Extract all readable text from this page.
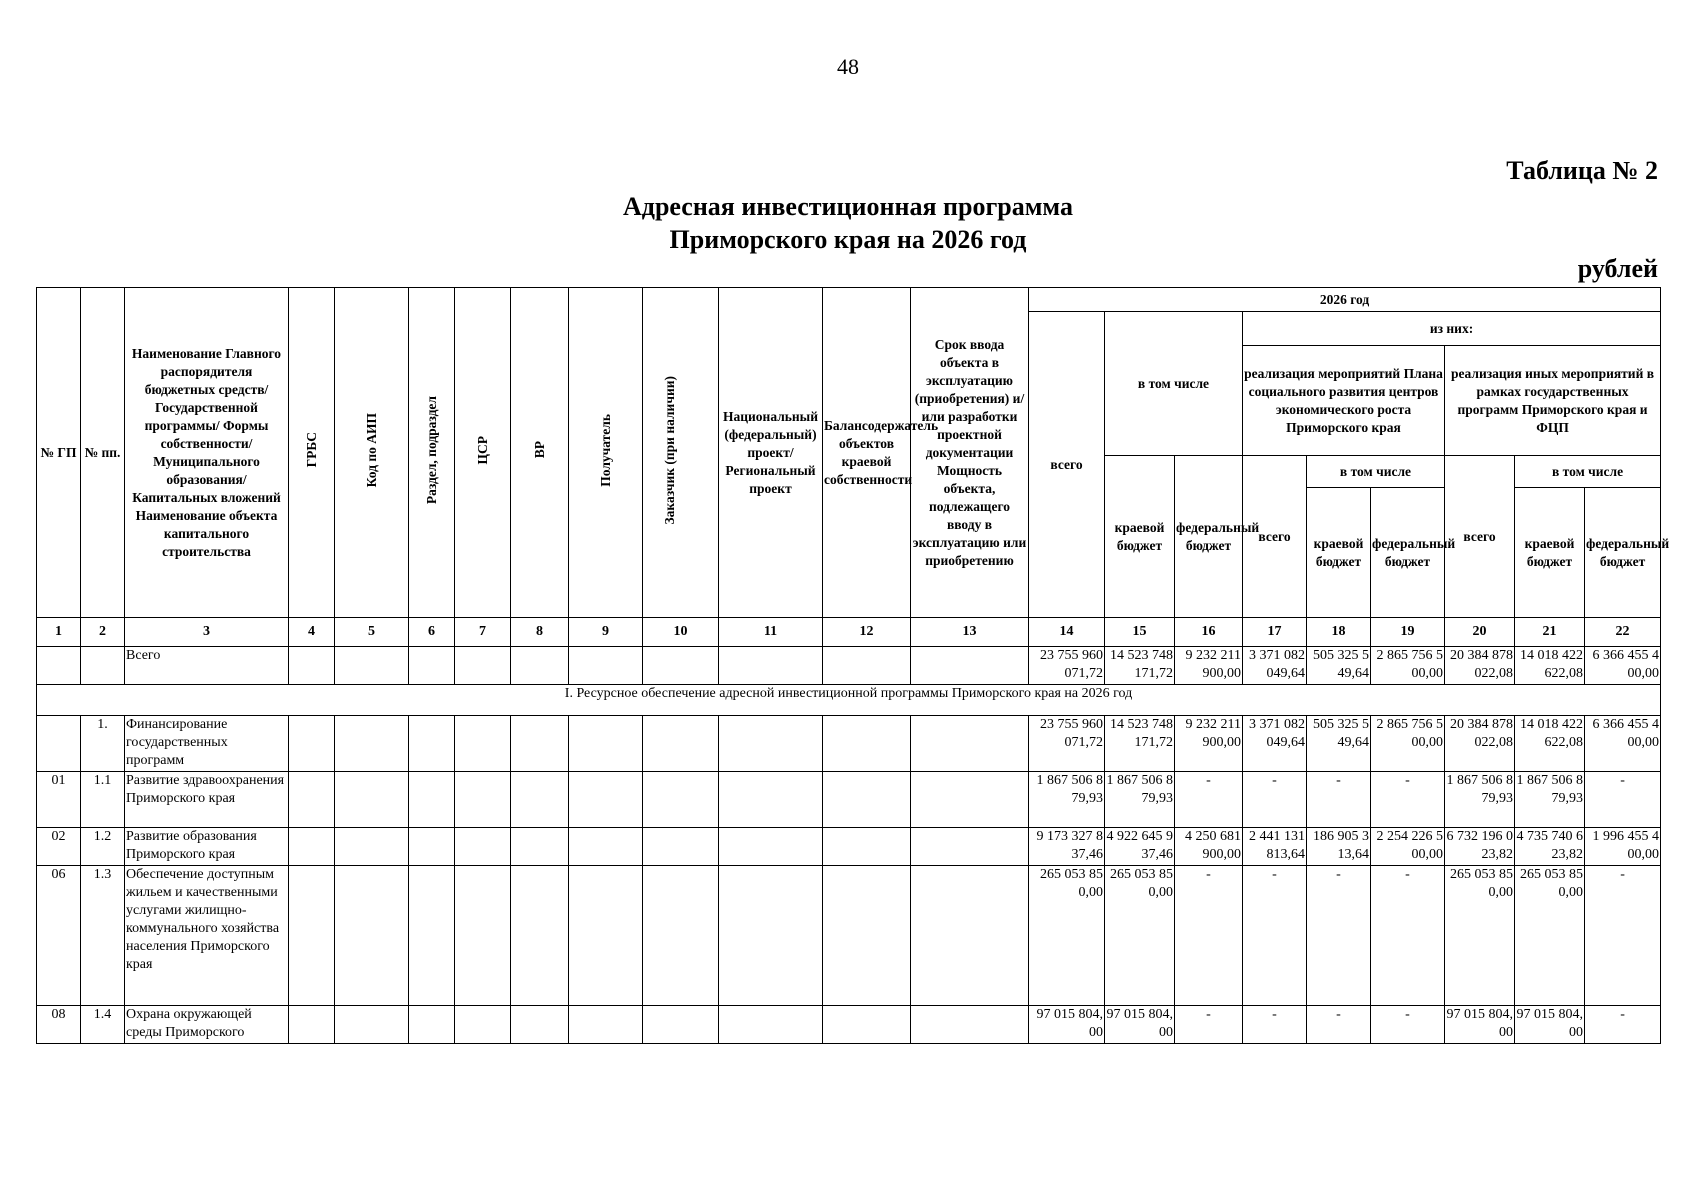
48
Таблица № 2
Адресная инвестиционная программа
Приморского края на 2026 год
рублей
№ ГП	№ пп.	Наименование Главного распорядителя бюджетных средств/Государственной программы/ Формы собственности/Муниципального образования/Капитальных вложений Наименование объекта капитального строительства	ГРБС	Код по АИП	Раздел, подраздел	ЦСР	ВР	Получатель	Заказчик (при наличии)	Национальный (федеральный) проект/ Региональный проект	Балансодержатель объектов краевой собственности	Срок ввода объекта в эксплуатацию (приобретения) и/или разработки проектной документации Мощность объекта, подлежащего вводу в эксплуатацию или приобретению	2026 год								
													всего	в том числе		из них:					
																реализация мероприятий Плана социального развития центров экономического роста Приморского края			реализация иных мероприятий в рамках государственных программ Приморского края и ФЦП		
														краевой бюджет	федеральный бюджет	всего	в том числе		всего	в том числе	
																	краевой бюджет	федеральный бюджет		краевой бюджет	федеральный бюджет
1	2	3	4	5	6	7	8	9	10	11	12	13	14	15	16	17	18	19	20	21	22
		Всего											23 755 960 071,72	14 523 748 171,72	9 232 211 900,00	3 371 082 049,64	505 325 549,64	2 865 756 500,00	20 384 878 022,08	14 018 422 622,08	6 366 455 400,00
I. Ресурсное обеспечение адресной инвестиционной программы Приморского края на 2026 год																					
	1.	Финансирование государственных программ											23 755 960 071,72	14 523 748 171,72	9 232 211 900,00	3 371 082 049,64	505 325 549,64	2 865 756 500,00	20 384 878 022,08	14 018 422 622,08	6 366 455 400,00
01	1.1	Развитие здравоохранения Приморского края											1 867 506 879,93	1 867 506 879,93	-	-	-	-	1 867 506 879,93	1 867 506 879,93	-
02	1.2	Развитие образования Приморского края											9 173 327 837,46	4 922 645 937,46	4 250 681 900,00	2 441 131 813,64	186 905 313,64	2 254 226 500,00	6 732 196 023,82	4 735 740 623,82	1 996 455 400,00
06	1.3	Обеспечение доступным жильем и качественными услугами жилищно-коммунального хозяйства населения Приморского края											265 053 850,00	265 053 850,00	-	-	-	-	265 053 850,00	265 053 850,00	-
08	1.4	Охрана окружающей среды Приморского											97 015 804,00	97 015 804,00	-	-	-	-	97 015 804,00	97 015 804,00	-
